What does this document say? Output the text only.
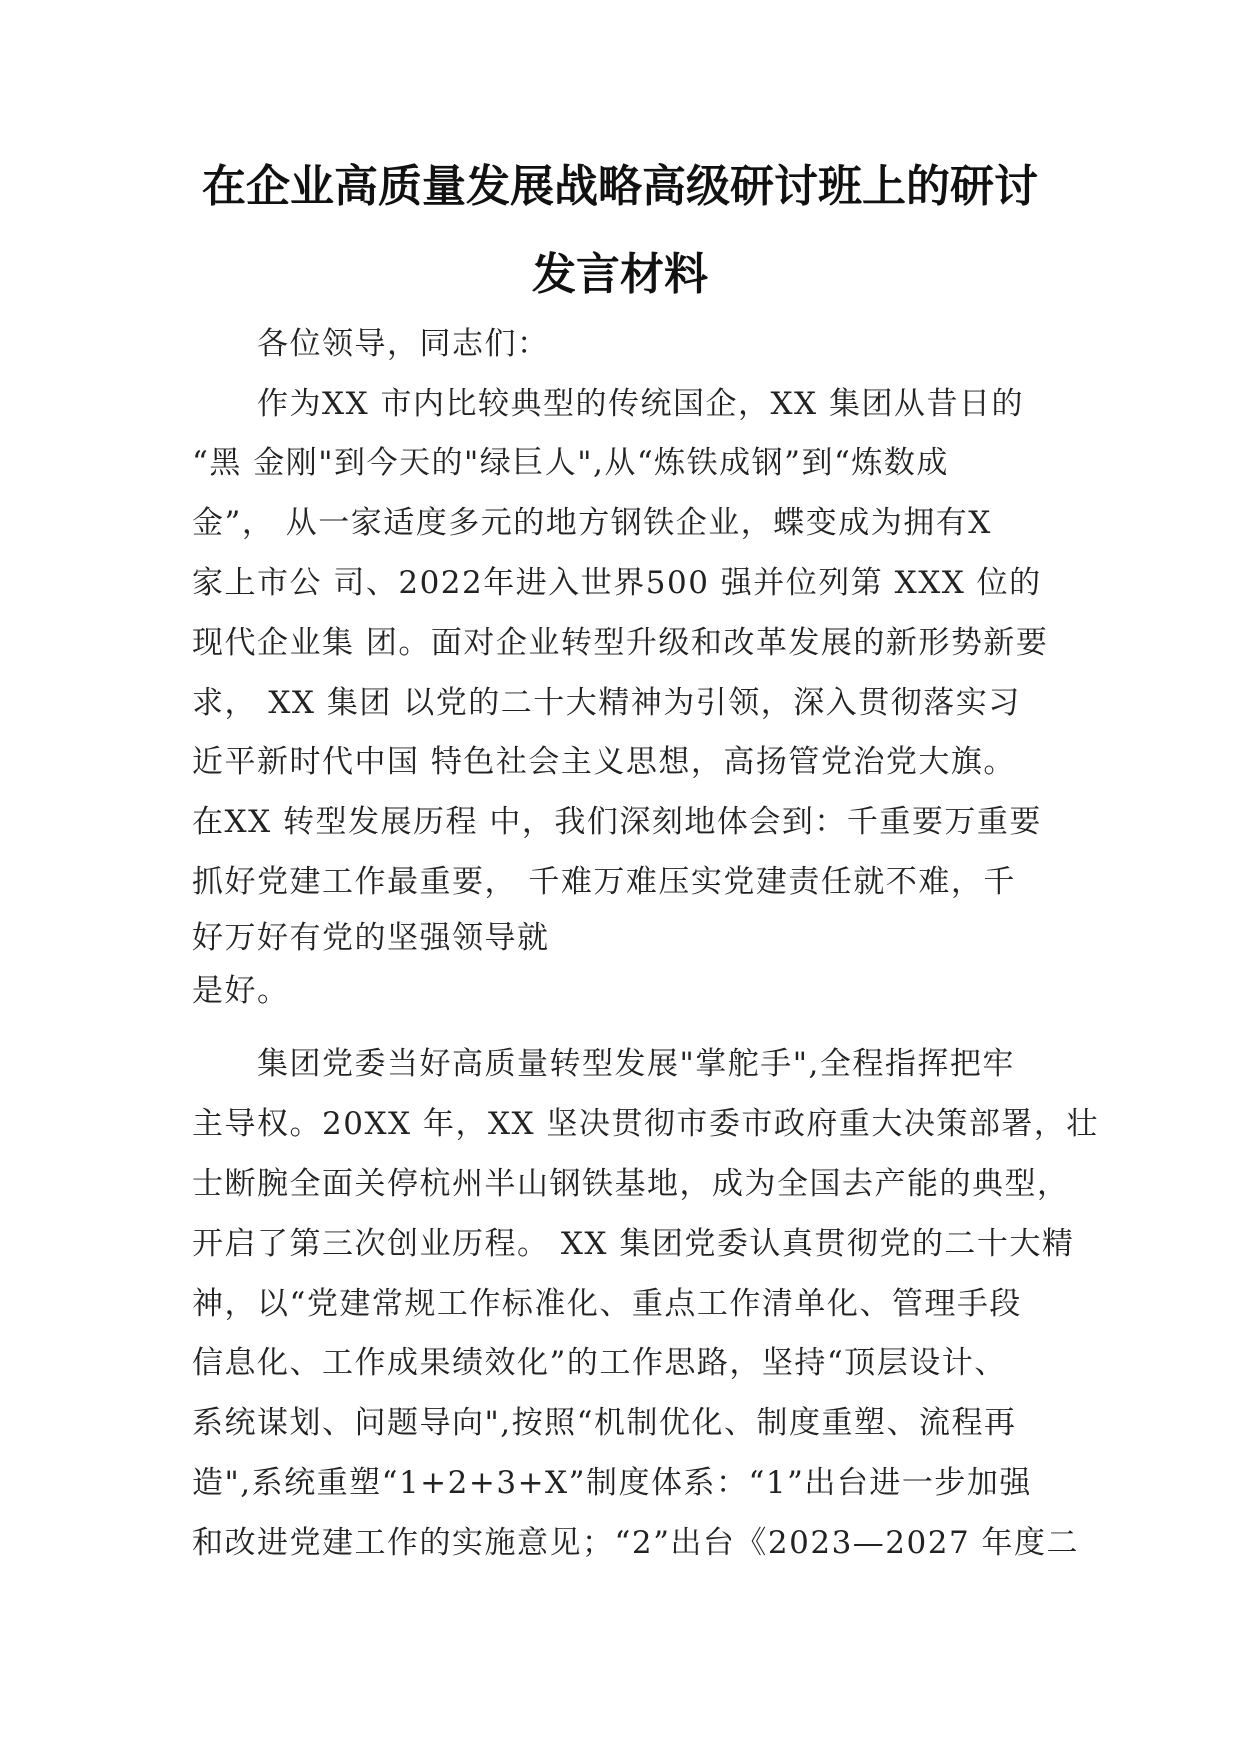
在企业高质量发展战略高级研讨班上的研讨
发言材料
　　各位领导，同志们：
　　作为XX 市内比较典型的传统国企，XX 集团从昔日的
“黑 金刚"到今天的"绿巨人",从“炼铁成钢”到“炼数成
金”， 从一家适度多元的地方钢铁企业，蝶变成为拥有X
家上市公 司、2022年进入世界500 强并位列第 XXX 位的
现代企业集 团。面对企业转型升级和改革发展的新形势新要
求， XX 集团 以党的二十大精神为引领，深入贯彻落实习
近平新时代中国 特色社会主义思想，高扬管党治党大旗。
在XX 转型发展历程 中，我们深刻地体会到：千重要万重要
抓好党建工作最重要， 千难万难压实党建责任就不难，千
好万好有党的坚强领导就
是好。
　　集团党委当好高质量转型发展"掌舵手",全程指挥把牢
主导权。20XX 年，XX 坚决贯彻市委市政府重大决策部署，壮
士断腕全面关停杭州半山钢铁基地，成为全国去产能的典型，
开启了第三次创业历程。 XX 集团党委认真贯彻党的二十大精
神，以“党建常规工作标准化、重点工作清单化、管理手段
信息化、工作成果绩效化”的工作思路，坚持“顶层设计、
系统谋划、问题导向",按照“机制优化、制度重塑、流程再
造",系统重塑“1+2+3+X”制度体系：“1”出台进一步加强
和改进党建工作的实施意见；“2”出台《2023—2027 年度二
